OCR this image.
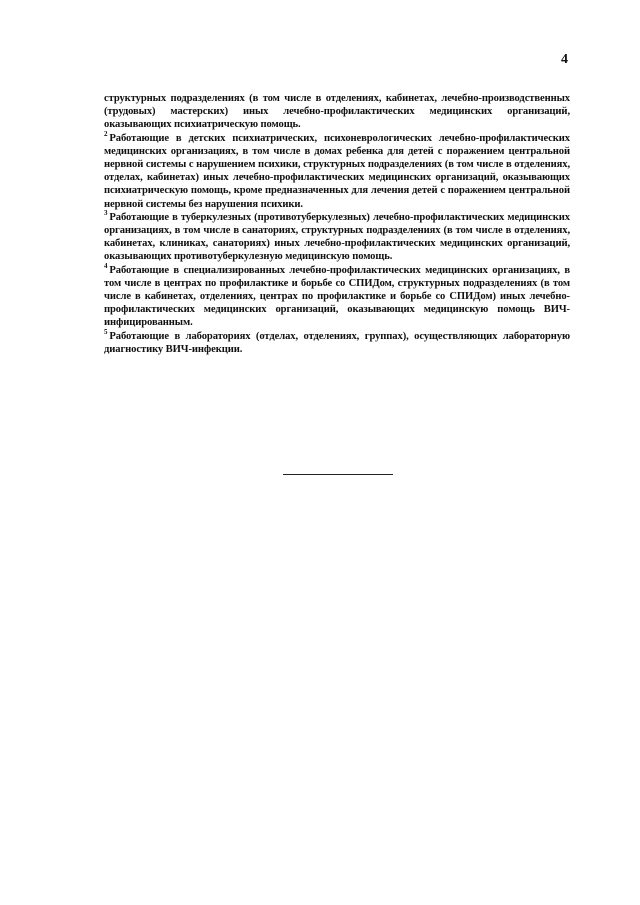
4

структурных подразделениях (в том числе в отделениях, кабинетах, лечебно-производственных (трудовых) мастерских) иных лечебно-профилактических медицинских организаций, оказывающих психиатрическую помощь.

$^2$ Работающие в детских психиатрических, психоневрологических лечебно-профилактических медицинских организациях, в том числе в домах ребенка для детей с поражением центральной нервной системы с нарушением психики, структурных подразделениях (в том числе в отделениях, отделах, кабинетах) иных лечебно-профилактических медицинских организаций, оказывающих психиатрическую помощь, кроме предназначенных для лечения детей с поражением центральной нервной системы без нарушения психики.

$^3$ Работающие в туберкулезных (противотуберкулезных) лечебно-профилактических медицинских организациях, в том числе в санаториях, структурных подразделениях (в том числе в отделениях, кабинетах, клиниках, санаториях) иных лечебно-профилактических медицинских организаций, оказывающих противотуберкулезную медицинскую помощь.

$^4$ Работающие в специализированных лечебно-профилактических медицинских организациях, в том числе в центрах по профилактике и борьбе со СПИДом, структурных подразделениях (в том числе в кабинетах, отделениях, центрах по профилактике и борьбе со СПИДом) иных лечебно-профилактических медицинских организаций, оказывающих медицинскую помощь ВИЧ-инфицированным.

$^5$ Работающие в лабораториях (отделах, отделениях, группах), осуществляющих лабораторную диагностику ВИЧ-инфекции.
